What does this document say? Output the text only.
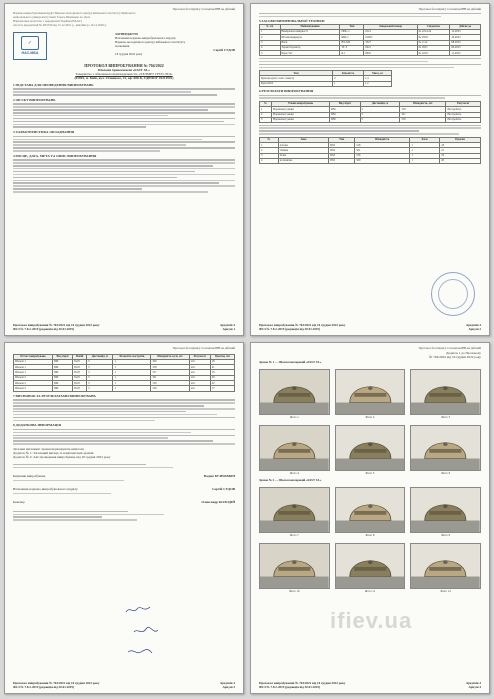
Протокол без підпису та печатки ІНВ не дійсний
Науково-випробувальний відділ Науково-методичного центру військового інституту Київського
національного університету імені Тараса Шевченка по зброї
Національне агентство з акредитації України (НААУ)
Атестат акредитації № 2Н1530 від 15.12.2021 р., дійсний до 14.12.2026 р.
✓
НАС-МБА
ЗАТВЕРДЖУЮ
Начальник науково-випробувального відділу
Науково-методичного центру військового інституту
полковник
Сергій СУДОВ
18 грудня 2022 року
ПРОТОКОЛ ВИПРОБУВАННЯ № 704/2022
Шоломи бронезахисні «FAST XL»
Товариство з обмеженою відповідальністю «ХЕЛМЕТ ГРУП ЛТД»
(01001, м. Київ, вул. Січневого, 21, оф. 608-Б, ЄДРПОУ 45214991)
1 ПІДСТАВА ДЛЯ ПРОВЕДЕННЯ ВИПРОБУВАНЬ
2 ОБ'ЄКТ ВИПРОБУВАНЬ
3 ХАРАКТЕРИСТИКА ОБЛАДНАННЯ
4 МІСЦЕ, ДАТА, МЕТА ТА ОПИС ВИПРОБУВАННЯ
Протокол випробування № 704/2022 від 16 грудня 2022 року	Аркушів 4
ФСЗ № 7.8.2-2019 (редакція від 30.01.2019)	Аркуш 1
Протокол без підпису та печатки ІНВ не дійсний
5 ЗАСОБИ ВИМІРЮВАЛЬНОЇ ТЕХНІКИ
№ з/п	Найменування	Тип	Заводський номер	Свідоцтво	Дійсне до
1	Вимірювач швидкості	ПИС-1	0112	№ 2214-22	12.2023
2	Штангенциркуль	ШЦ-1	01825	№ 0318	10.2023
3	Ваги	ВТ-500	3327	№ 1112	08.2023
4	Термогігрометр	ТГ-3	0421	№ 4551	09.2023
5	Баростат	Б-1	0091	№ 2210	11.2023
Тип	Кількість	Маса, кг
Кульова куля 1 клас захисту	2	1,4
Куля 9x18	1	1,2
6 РЕЗУЛЬТАТИ ВИПРОБУВАННЯ
№	Умови випробувань	Вид зброї	Дистанція, м	Швидкість, м/с	Результат
1	Нормальні умови	ПМ	5	318	Не пробито
2	Нормальні умови	ПМ	5	321	Не пробито
3	Нормальні умови	ПМ	5	316	Не пробито
№	Зона	Тип	Швидкість	Клас	Прогин
1	лобова	ПМ	318	1	18
2	тім'яна	ПМ	321	1	21
3	бічна	ПМ	316	1	19
4	потилична	ПМ	320	1	20
Протокол випробування № 704/2022 від 16 грудня 2022 року	Аркушів 4
ФСЗ № 7.8.2-2019 (редакція від 30.01.2019)	Аркуш 2
Протокол без підпису та печатки ІНВ не дійсний
Об'єкт випробувань	Вид зброї	Набій	Дистанція, м	Кількість пострілів	Швидкість кулі, м/с	Результат	Прогин, мм
Шолом 1	ПМ	9x18	5	1	320	н/п	18
Шолом 1	ПМ	9x18	5	1	318	н/п	21
Шолом 1	ПМ	9x18	5	1	317	н/п	19
Шолом 2	ПМ	9x18	5	1	321	н/п	20
Шолом 2	ПМ	9x18	5	1	319	н/п	22
Шолом 2	ПМ	9x18	5	1	316	н/п	17
7 ВИСНОВОК ЗА РЕЗУЛЬТАТАМИ ВИПРОБУВАНЬ
8 ДОДАТКОВА ІНФОРМАЦІЯ
Загальні висновки: зразки відповідають вимогам
Додаток № 1: Загальний вигляд та комплектація зразків
Додаток № 2: Акт проведення випробувань від 16 грудня 2022 року
Керівник випробувань	Вадим БУЗНОВКІН
Начальник науково-випробувального відділу	Сергій СУДОВ
Інженер	Олександр КОЛОДІЙ
Протокол випробування № 704/2022 від 16 грудня 2022 року	Аркушів 4
ФСЗ № 7.8.2-2019 (редакція від 30.01.2019)	Аркуш 3
Протокол без підпису та печатки ІНВ не дійсний
Додаток 1 до Протоколу
№ 704/2022 від 16 грудня 2022 року
Зразок № 1 — Шолом кевларовий «FAST XL»
Фото 1	Фото 2	Фото 3
Фото 4	Фото 5	Фото 6
Зразок № 2 — Шолом кевларовий «FAST XL»
Фото 7	Фото 8	Фото 9
Фото 10	Фото 11	Фото 12
Протокол випробування № 704/2022 від 16 грудня 2022 року	Аркушів 4
ФСЗ № 7.8.2-2019 (редакція від 30.01.2019)	Аркуш 4
ifiev.ua
